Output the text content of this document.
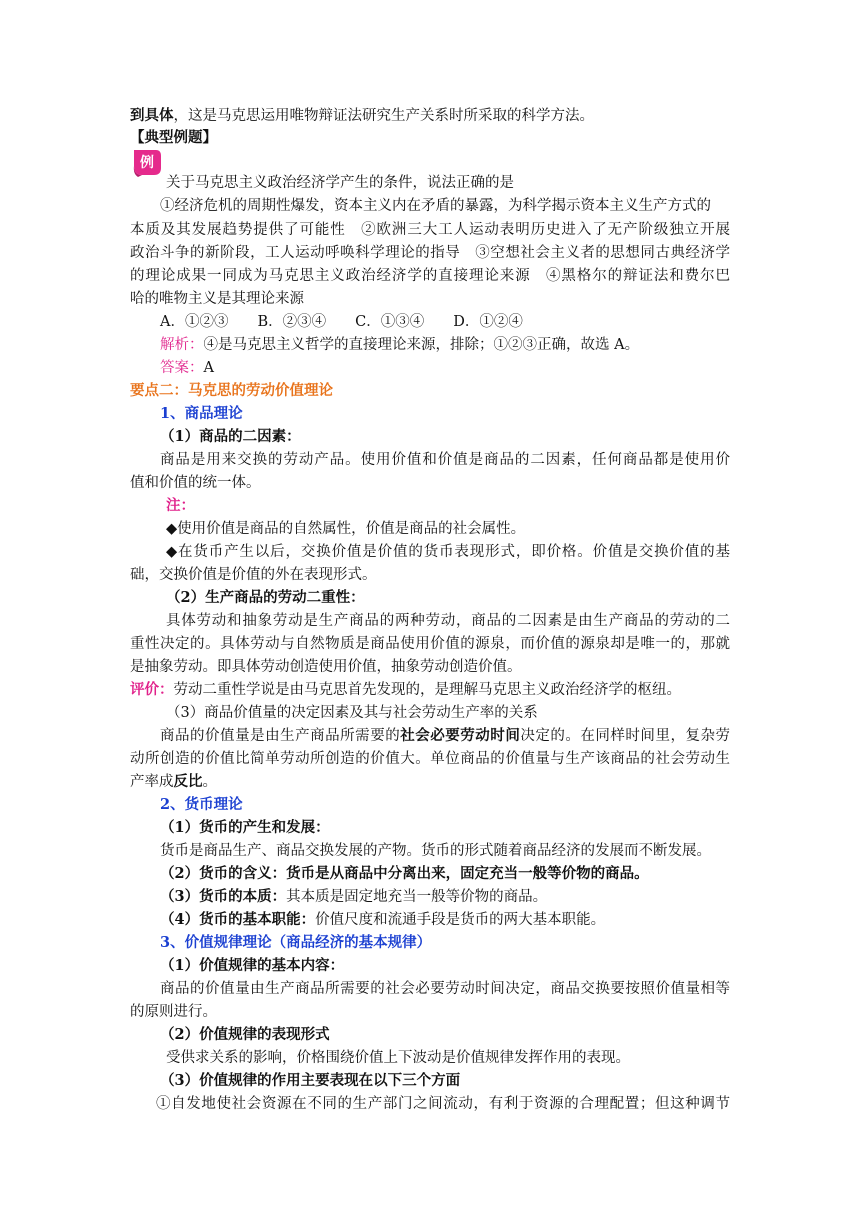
到具体，这是马克思运用唯物辩证法研究生产关系时所采取的科学方法。
【典型例题】
例
关于马克思主义政治经济学产生的条件，说法正确的是
①经济危机的周期性爆发，资本主义内在矛盾的暴露，为科学揭示资本主义生产方式的
本质及其发展趋势提供了可能性　②欧洲三大工人运动表明历史进入了无产阶级独立开展
政治斗争的新阶段，工人运动呼唤科学理论的指导　③空想社会主义者的思想同古典经济学
的理论成果一同成为马克思主义政治经济学的直接理论来源　④黑格尔的辩证法和费尔巴
哈的唯物主义是其理论来源
A．①②③　　B．②③④　　C．①③④　　D．①②④
解析：④是马克思主义哲学的直接理论来源，排除；①②③正确，故选 A。
答案：A
要点二：马克思的劳动价值理论
1、商品理论
（1）商品的二因素：
商品是用来交换的劳动产品。使用价值和价值是商品的二因素，任何商品都是使用价
值和价值的统一体。
注：
◆使用价值是商品的自然属性，价值是商品的社会属性。
◆在货币产生以后，交换价值是价值的货币表现形式，即价格。价值是交换价值的基
础，交换价值是价值的外在表现形式。
（2）生产商品的劳动二重性：
具体劳动和抽象劳动是生产商品的两种劳动，商品的二因素是由生产商品的劳动的二
重性决定的。具体劳动与自然物质是商品使用价值的源泉，而价值的源泉却是唯一的，那就
是抽象劳动。即具体劳动创造使用价值，抽象劳动创造价值。
评价：劳动二重性学说是由马克思首先发现的，是理解马克思主义政治经济学的枢纽。
（3）商品价值量的决定因素及其与社会劳动生产率的关系
商品的价值量是由生产商品所需要的社会必要劳动时间决定的。在同样时间里，复杂劳
动所创造的价值比简单劳动所创造的价值大。单位商品的价值量与生产该商品的社会劳动生
产率成反比。
2、货币理论
（1）货币的产生和发展：
货币是商品生产、商品交换发展的产物。货币的形式随着商品经济的发展而不断发展。
（2）货币的含义：货币是从商品中分离出来，固定充当一般等价物的商品。
（3）货币的本质：其本质是固定地充当一般等价物的商品。
（4）货币的基本职能：价值尺度和流通手段是货币的两大基本职能。
3、价值规律理论（商品经济的基本规律）
（1）价值规律的基本内容：
商品的价值量由生产商品所需要的社会必要劳动时间决定，商品交换要按照价值量相等
的原则进行。
（2）价值规律的表现形式
受供求关系的影响，价格围绕价值上下波动是价值规律发挥作用的表现。
（3）价值规律的作用主要表现在以下三个方面
①自发地使社会资源在不同的生产部门之间流动，有利于资源的合理配置；但这种调节
